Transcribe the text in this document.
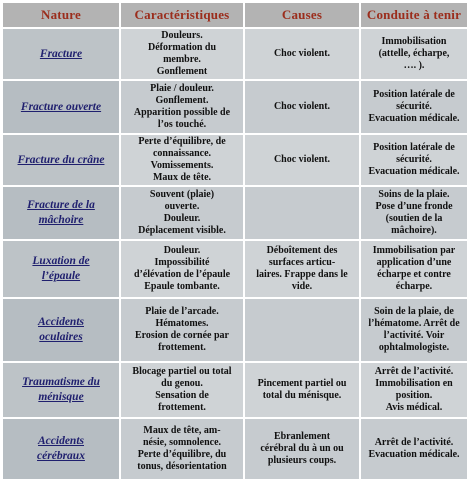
Nature	Caractéristiques	Causes	Conduite à tenir

Fracture	Douleurs.
Déformation du
membre.
Gonflement	Choc violent.	Immobilisation
(attelle, écharpe,
…. ).

Fracture ouverte	Plaie / douleur.
Gonflement.
Apparition possible de
l’os touché.	Choc violent.	Position latérale de
sécurité.
Evacuation médicale.

Fracture du crâne	Perte d’équilibre, de
connaissance.
Vomissements.
Maux de tête.	Choc violent.	Position latérale de
sécurité.
Evacuation médicale.

Fracture de la
mâchoire	Souvent (plaie)
ouverte.
Douleur.
Déplacement visible.		Soins de la plaie.
Pose d’une fronde
(soutien de la
mâchoire).

Luxation de
l’épaule	Douleur.
Impossibilité
d’élévation de l’épaule
Epaule tombante.	Déboîtement des
surfaces articu-
laires. Frappe dans le
vide.	Immobilisation par
application d’une
écharpe et contre
écharpe.

Accidents
oculaires	Plaie de l’arcade.
Hématomes.
Erosion de cornée par
frottement.		Soin de la plaie, de
l’hématome. Arrêt de
l’activité. Voir
ophtalmologiste.

Traumatisme du
ménisque	Blocage partiel ou total
du genou.
Sensation de
frottement.	Pincement partiel ou
total du ménisque.	Arrêt de l’activité.
Immobilisation en
position.
Avis médical.

Accidents
cérébraux	Maux de tête, am-
nésie, somnolence.
Perte d’équilibre, du
tonus, désorientation	Ebranlement
cérébral du à un ou
plusieurs coups.	Arrêt de l’activité.
Evacuation médicale.
